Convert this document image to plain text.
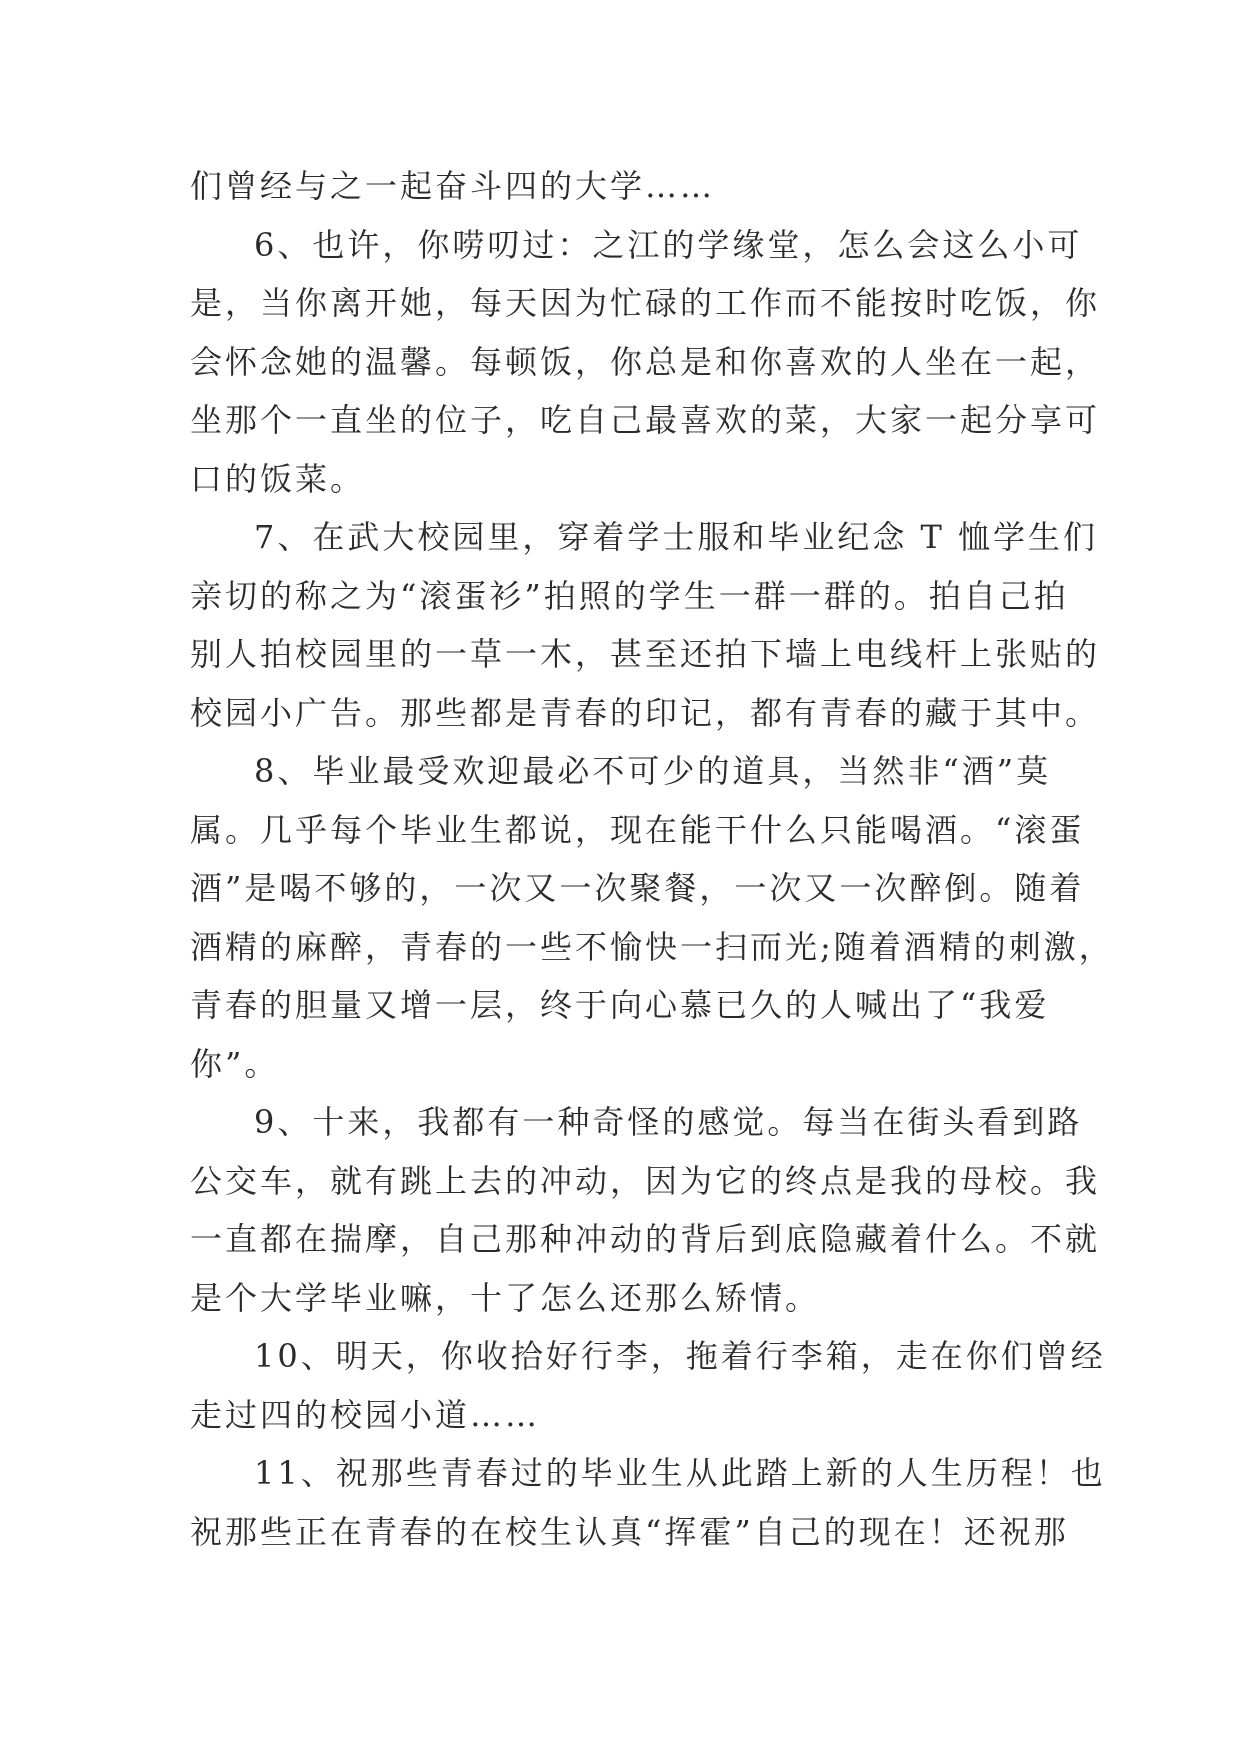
们曾经与之一起奋斗四的大学……
6、也许，你唠叨过：之江的学缘堂，怎么会这么小可
是，当你离开她，每天因为忙碌的工作而不能按时吃饭，你
会怀念她的温馨。每顿饭，你总是和你喜欢的人坐在一起，
坐那个一直坐的位子，吃自己最喜欢的菜，大家一起分享可
口的饭菜。
7、在武大校园里，穿着学士服和毕业纪念 T 恤学生们
亲切的称之为“滚蛋衫”拍照的学生一群一群的。拍自己拍
别人拍校园里的一草一木，甚至还拍下墙上电线杆上张贴的
校园小广告。那些都是青春的印记，都有青春的藏于其中。
8、毕业最受欢迎最必不可少的道具，当然非“酒”莫
属。几乎每个毕业生都说，现在能干什么只能喝酒。“滚蛋
酒”是喝不够的，一次又一次聚餐，一次又一次醉倒。随着
酒精的麻醉，青春的一些不愉快一扫而光;随着酒精的刺激，
青春的胆量又增一层，终于向心慕已久的人喊出了“我爱
你”。
9、十来，我都有一种奇怪的感觉。每当在街头看到路
公交车，就有跳上去的冲动，因为它的终点是我的母校。我
一直都在揣摩，自己那种冲动的背后到底隐藏着什么。不就
是个大学毕业嘛，十了怎么还那么矫情。
10、明天，你收拾好行李，拖着行李箱，走在你们曾经
走过四的校园小道……
11、祝那些青春过的毕业生从此踏上新的人生历程！也
祝那些正在青春的在校生认真“挥霍”自己的现在！还祝那
